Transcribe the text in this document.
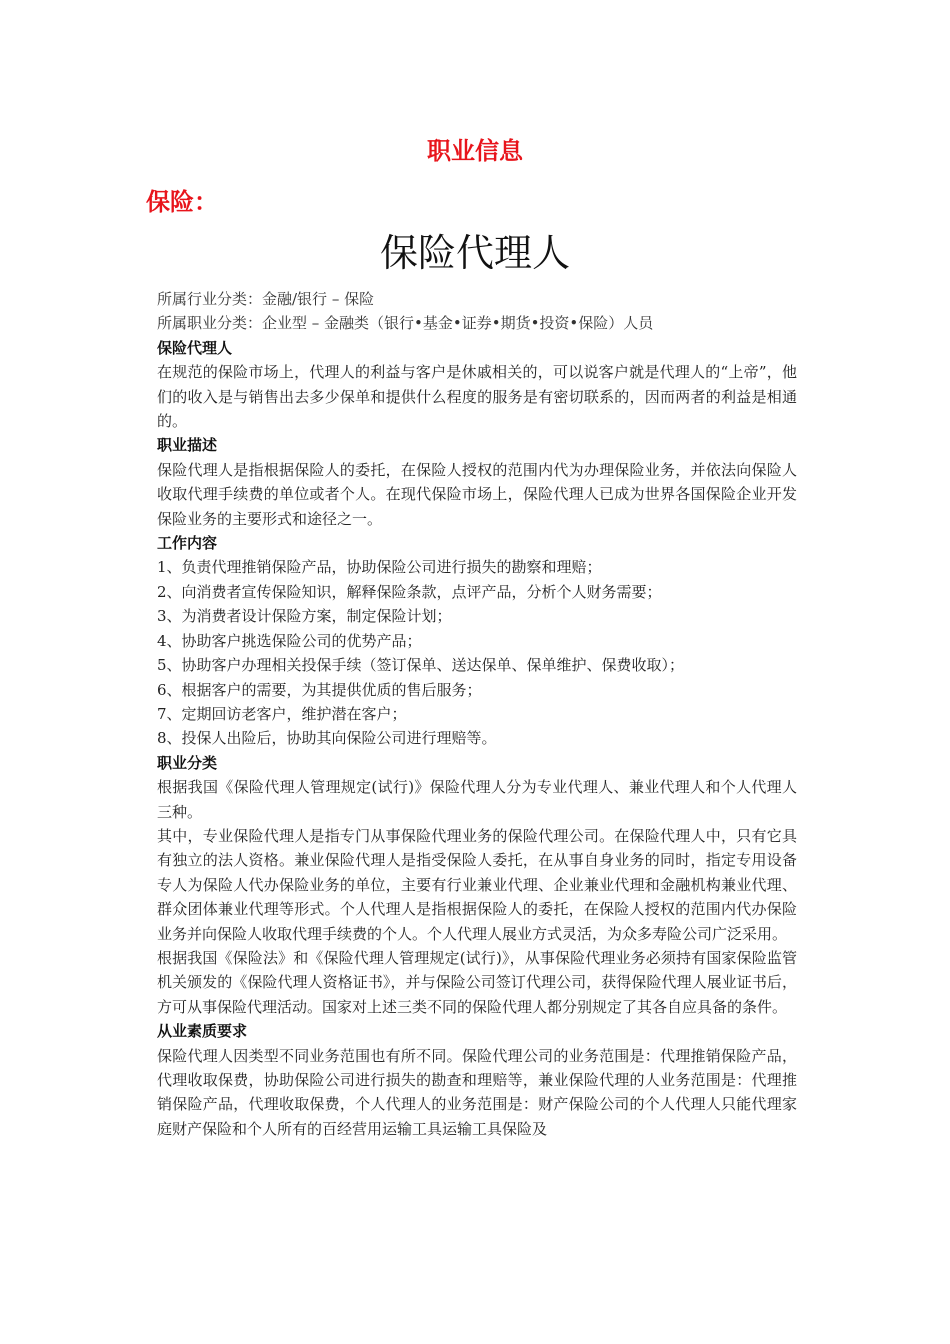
职业信息
保险：
保险代理人

所属行业分类：金融/银行 – 保险

所属职业分类：企业型 – 金融类（银行•基金•证券•期货•投资•保险）人员

保险代理人

在规范的保险市场上，代理人的利益与客户是休戚相关的，可以说客户就是代理人的“上帝”，他们的收入是与销售出去多少保单和提供什么程度的服务是有密切联系的，因而两者的利益是相通的。

职业描述

保险代理人是指根据保险人的委托，在保险人授权的范围内代为办理保险业务，并依法向保险人收取代理手续费的单位或者个人。在现代保险市场上，保险代理人已成为世界各国保险企业开发保险业务的主要形式和途径之一。

工作内容

1、负责代理推销保险产品，协助保险公司进行损失的勘察和理赔；

2、向消费者宣传保险知识，解释保险条款，点评产品，分析个人财务需要；

3、为消费者设计保险方案，制定保险计划；

4、协助客户挑选保险公司的优势产品；

5、协助客户办理相关投保手续（签订保单、送达保单、保单维护、保费收取）；

6、根据客户的需要，为其提供优质的售后服务；

7、定期回访老客户，维护潜在客户；

8、投保人出险后，协助其向保险公司进行理赔等。

职业分类

根据我国《保险代理人管理规定(试行)》保险代理人分为专业代理人、兼业代理人和个人代理人三种。

其中，专业保险代理人是指专门从事保险代理业务的保险代理公司。在保险代理人中，只有它具有独立的法人资格。兼业保险代理人是指受保险人委托，在从事自身业务的同时，指定专用设备专人为保险人代办保险业务的单位，主要有行业兼业代理、企业兼业代理和金融机构兼业代理、群众团体兼业代理等形式。个人代理人是指根据保险人的委托，在保险人授权的范围内代办保险业务并向保险人收取代理手续费的个人。个人代理人展业方式灵活，为众多寿险公司广泛采用。

根据我国《保险法》和《保险代理人管理规定(试行)》，从事保险代理业务必须持有国家保险监管机关颁发的《保险代理人资格证书》，并与保险公司签订代理公司，获得保险代理人展业证书后，方可从事保险代理活动。国家对上述三类不同的保险代理人都分别规定了其各自应具备的条件。

从业素质要求

保险代理人因类型不同业务范围也有所不同。保险代理公司的业务范围是：代理推销保险产品，代理收取保费，协助保险公司进行损失的勘查和理赔等，兼业保险代理的人业务范围是：代理推销保险产品，代理收取保费，个人代理人的业务范围是：财产保险公司的个人代理人只能代理家庭财产保险和个人所有的百经营用运输工具运输工具保险及
